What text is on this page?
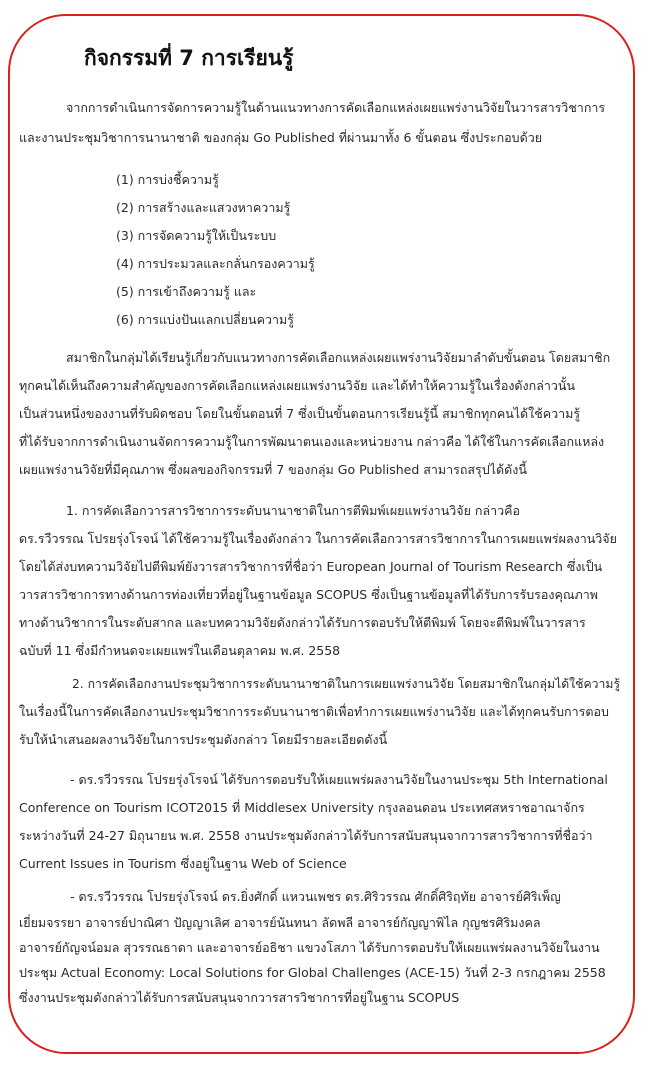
กิจกรรมที่ 7 การเรียนรู้
จากการดำเนินการจัดการความรู้ในด้านแนวทางการคัดเลือกแหล่งเผยแพร่งานวิจัยในวารสารวิชาการ
และงานประชุมวิชาการนานาชาติ ของกลุ่ม Go Published ที่ผ่านมาทั้ง 6 ขั้นตอน ซึ่งประกอบด้วย
(1) การบ่งชี้ความรู้
(2) การสร้างและแสวงหาความรู้
(3) การจัดความรู้ให้เป็นระบบ
(4) การประมวลและกลั่นกรองความรู้
(5) การเข้าถึงความรู้ และ
(6) การแบ่งปันแลกเปลี่ยนความรู้
สมาชิกในกลุ่มได้เรียนรู้เกี่ยวกับแนวทางการคัดเลือกแหล่งเผยแพร่งานวิจัยมาลำดับขั้นตอน โดยสมาชิก
ทุกคนได้เห็นถึงความสำคัญของการคัดเลือกแหล่งเผยแพร่งานวิจัย และได้ทำให้ความรู้ในเรื่องดังกล่าวนั้น
เป็นส่วนหนึ่งของงานที่รับผิดชอบ โดยในขั้นตอนที่ 7 ซึ่งเป็นขั้นตอนการเรียนรู้นี้ สมาชิกทุกคนได้ใช้ความรู้
ที่ได้รับจากการดำเนินงานจัดการความรู้ในการพัฒนาตนเองและหน่วยงาน กล่าวคือ ได้ใช้ในการคัดเลือกแหล่ง
เผยแพร่งานวิจัยที่มีคุณภาพ ซึ่งผลของกิจกรรมที่ 7 ของกลุ่ม Go Published สามารถสรุปได้ดังนี้
1. การคัดเลือกวารสารวิชาการระดับนานาชาติในการตีพิมพ์เผยแพร่งานวิจัย กล่าวคือ
ดร.รวีวรรณ โปรยรุ่งโรจน์ ได้ใช้ความรู้ในเรื่องดังกล่าว ในการคัดเลือกวารสารวิชาการในการเผยแพร่ผลงานวิจัย
โดยได้ส่งบทความวิจัยไปตีพิมพ์ยังวารสารวิชาการที่ชื่อว่า European Journal of Tourism Research ซึ่งเป็น
วารสารวิชาการทางด้านการท่องเที่ยวที่อยู่ในฐานข้อมูล SCOPUS ซึ่งเป็นฐานข้อมูลที่ได้รับการรับรองคุณภาพ
ทางด้านวิชาการในระดับสากล และบทความวิจัยดังกล่าวได้รับการตอบรับให้ตีพิมพ์ โดยจะตีพิมพ์ในวารสาร
ฉบับที่ 11 ซึ่งมีกำหนดจะเผยแพร่ในเดือนตุลาคม พ.ศ. 2558
2. การคัดเลือกงานประชุมวิชาการระดับนานาชาติในการเผยแพร่งานวิจัย โดยสมาชิกในกลุ่มได้ใช้ความรู้
ในเรื่องนี้ในการคัดเลือกงานประชุมวิชาการระดับนานาชาติเพื่อทำการเผยแพร่งานวิจัย และได้ทุกคนรับการตอบ
รับให้นำเสนอผลงานวิจัยในการประชุมดังกล่าว โดยมีรายละเอียดดังนี้
- ดร.รวีวรรณ โปรยรุ่งโรจน์ ได้รับการตอบรับให้เผยแพร่ผลงานวิจัยในงานประชุม 5th International
Conference on Tourism ICOT2015 ที่ Middlesex University กรุงลอนดอน ประเทศสหราชอาณาจักร
ระหว่างวันที่ 24-27 มิถุนายน พ.ศ. 2558 งานประชุมดังกล่าวได้รับการสนับสนุนจากวารสารวิชาการที่ชื่อว่า
Current Issues in Tourism ซึ่งอยู่ในฐาน Web of Science
- ดร.รวีวรรณ โปรยรุ่งโรจน์ ดร.ยิ่งศักดิ์ แหวนเพชร ดร.ศิริวรรณ ศักดิ์ศิริฤทัย อาจารย์ศิริเพ็ญ
เยี่ยมจรรยา อาจารย์ปาณิศา ปัญญาเลิศ อาจารย์นันทนา ลัดพลี อาจารย์กัญญาพิไล กุญชรศิริมงคล
อาจารย์กัญจน์อมล สุวรรณธาดา และอาจารย์อธิชา แขวงโสภา ได้รับการตอบรับให้เผยแพร่ผลงานวิจัยในงาน
ประชุม Actual Economy: Local Solutions for Global Challenges (ACE-15) วันที่ 2-3 กรกฎาคม 2558
ซึ่งงานประชุมดังกล่าวได้รับการสนับสนุนจากวารสารวิชาการที่อยู่ในฐาน SCOPUS
